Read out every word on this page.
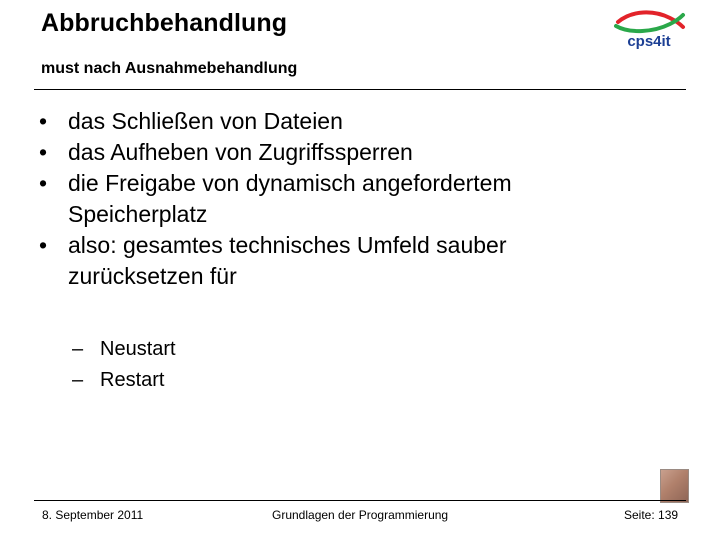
Abbruchbehandlung
must nach Ausnahmebehandlung
cps4it
• das Schließen von Dateien
• das Aufheben von Zugriffssperren
• die Freigabe von dynamisch angefordertem Speicherplatz
• also: gesamtes technisches Umfeld sauber zurücksetzen für
– Neustart
– Restart
8. September 2011	Grundlagen der Programmierung	Seite: 139
